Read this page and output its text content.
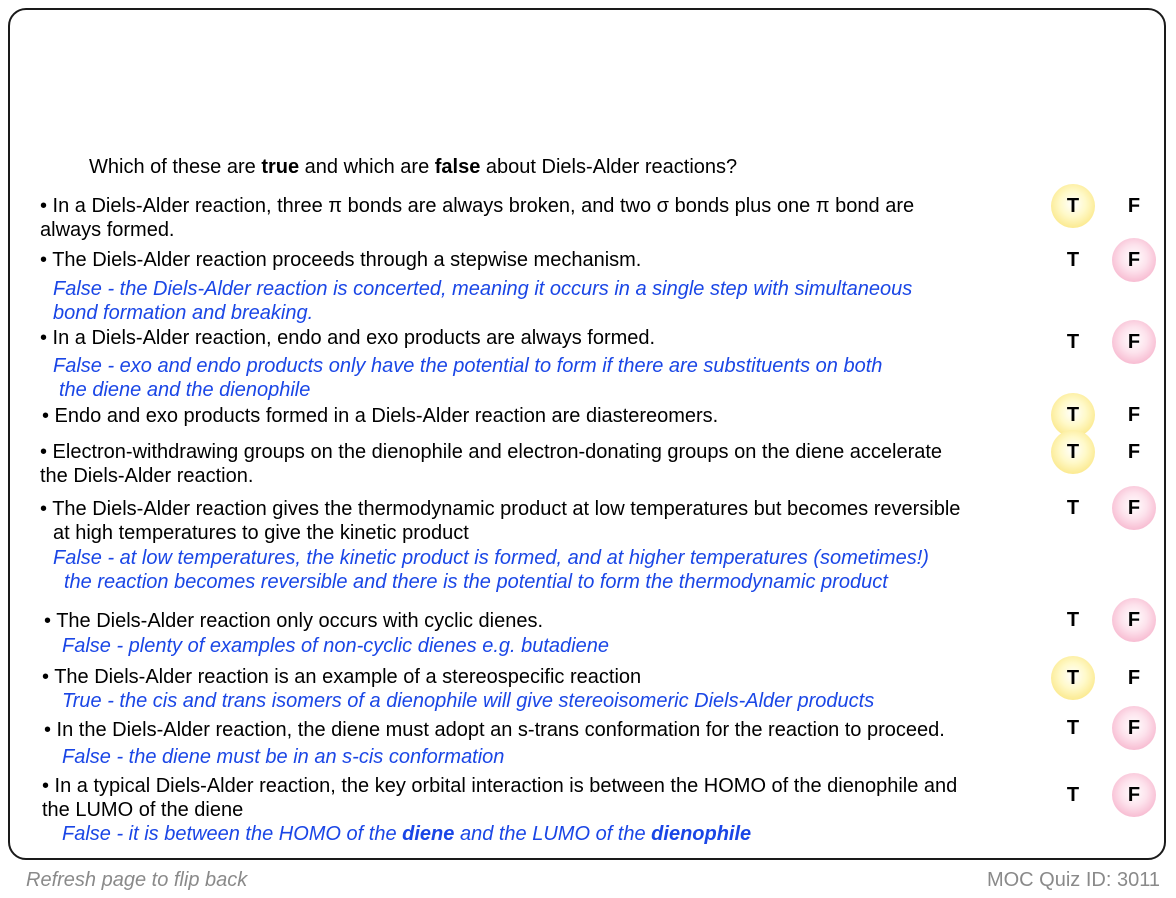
Which of these are true and which are false about Diels-Alder reactions?
• In a Diels-Alder reaction, three π bonds are always broken, and two σ bonds plus one π bond are
always formed.
T	F
• The Diels-Alder reaction proceeds through a stepwise mechanism.
False - the Diels-Alder reaction is concerted, meaning it occurs in a single step with simultaneous
bond formation and breaking.
T	F
• In a Diels-Alder reaction, endo and exo products are always formed.
False - exo and endo products only have the potential to form if there are substituents on both
the diene and the dienophile
T	F
• Endo and exo products formed in a Diels-Alder reaction are diastereomers.	T	F
• Electron-withdrawing groups on the dienophile and electron-donating groups on the diene accelerate
the Diels-Alder reaction.
T	F
• The Diels-Alder reaction gives the thermodynamic product at low temperatures but becomes reversible
at high temperatures to give the kinetic product
False - at low temperatures, the kinetic product is formed, and at higher temperatures (sometimes!)
the reaction becomes reversible and there is the potential to form the thermodynamic product
T	F
• The Diels-Alder reaction only occurs with cyclic dienes.
False - plenty of examples of non-cyclic dienes e.g. butadiene
T	F
• The Diels-Alder reaction is an example of a stereospecific reaction
True - the cis and trans isomers of a dienophile will give stereoisomeric Diels-Alder products
T	F
• In the Diels-Alder reaction, the diene must adopt an s-trans conformation for the reaction to proceed.
False - the diene must be in an s-cis conformation
T	F
• In a typical Diels-Alder reaction, the key orbital interaction is between the HOMO of the dienophile and
the LUMO of the diene
False - it is between the HOMO of the diene and the LUMO of the dienophile
T	F
Refresh page to flip back	MOC Quiz ID: 3011
